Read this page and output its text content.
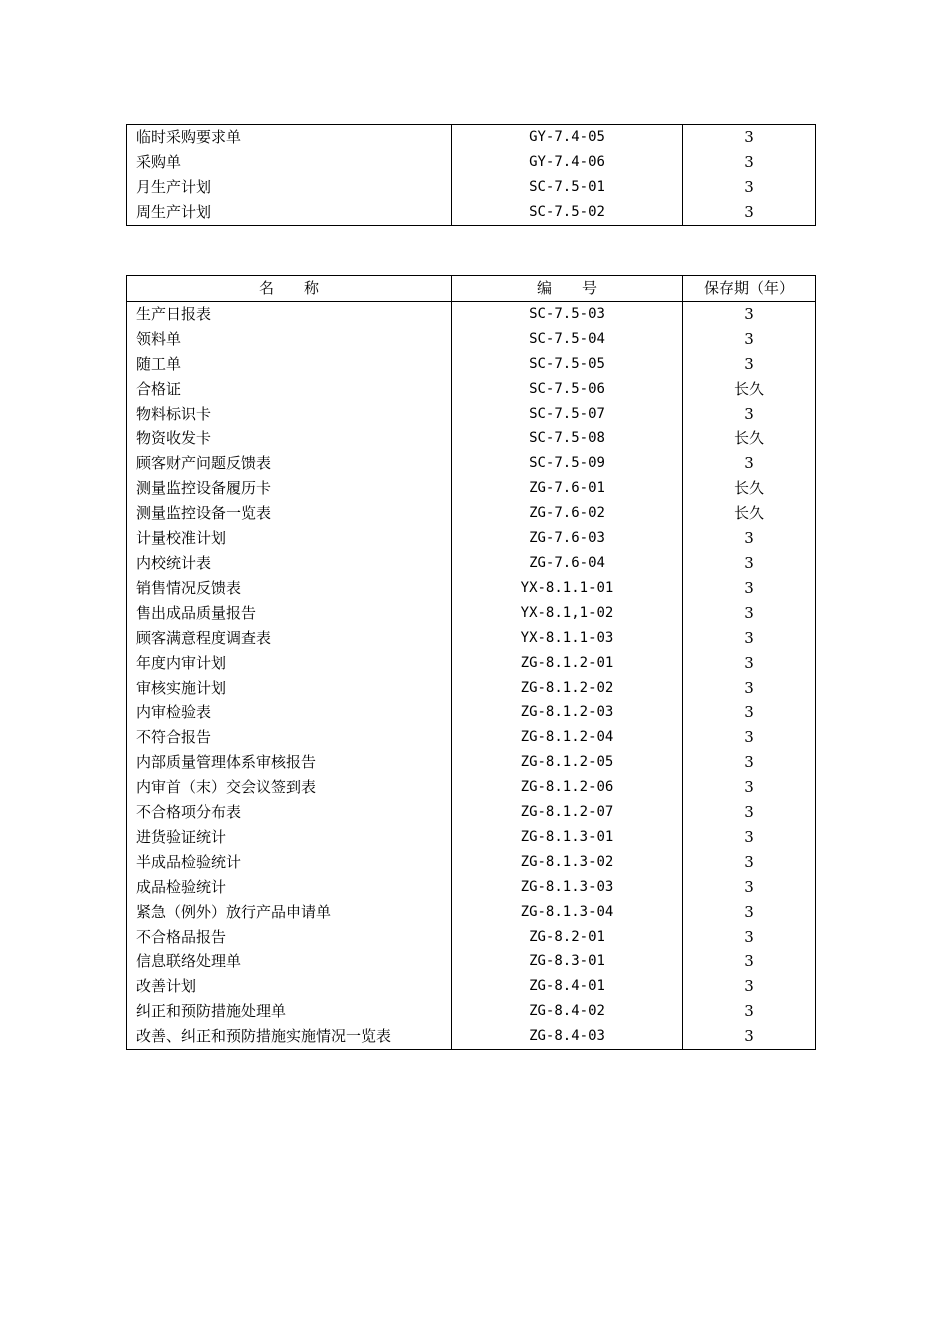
临时采购要求单	GY-7.4-05	3
采购单	GY-7.4-06	3
月生产计划	SC-7.5-01	3
周生产计划	SC-7.5-02	3
名　　称	编　　号	保存期（年）
生产日报表	SC-7.5-03	3
领料单	SC-7.5-04	3
随工单	SC-7.5-05	3
合格证	SC-7.5-06	长久
物料标识卡	SC-7.5-07	3
物资收发卡	SC-7.5-08	长久
顾客财产问题反馈表	SC-7.5-09	3
测量监控设备履历卡	ZG-7.6-01	长久
测量监控设备一览表	ZG-7.6-02	长久
计量校准计划	ZG-7.6-03	3
内校统计表	ZG-7.6-04	3
销售情况反馈表	YX-8.1.1-01	3
售出成品质量报告	YX-8.1,1-02	3
顾客满意程度调查表	YX-8.1.1-03	3
年度内审计划	ZG-8.1.2-01	3
审核实施计划	ZG-8.1.2-02	3
内审检验表	ZG-8.1.2-03	3
不符合报告	ZG-8.1.2-04	3
内部质量管理体系审核报告	ZG-8.1.2-05	3
内审首（末）交会议签到表	ZG-8.1.2-06	3
不合格项分布表	ZG-8.1.2-07	3
进货验证统计	ZG-8.1.3-01	3
半成品检验统计	ZG-8.1.3-02	3
成品检验统计	ZG-8.1.3-03	3
紧急（例外）放行产品申请单	ZG-8.1.3-04	3
不合格品报告	ZG-8.2-01	3
信息联络处理单	ZG-8.3-01	3
改善计划	ZG-8.4-01	3
纠正和预防措施处理单	ZG-8.4-02	3
改善、纠正和预防措施实施情况一览表	ZG-8.4-03	3
